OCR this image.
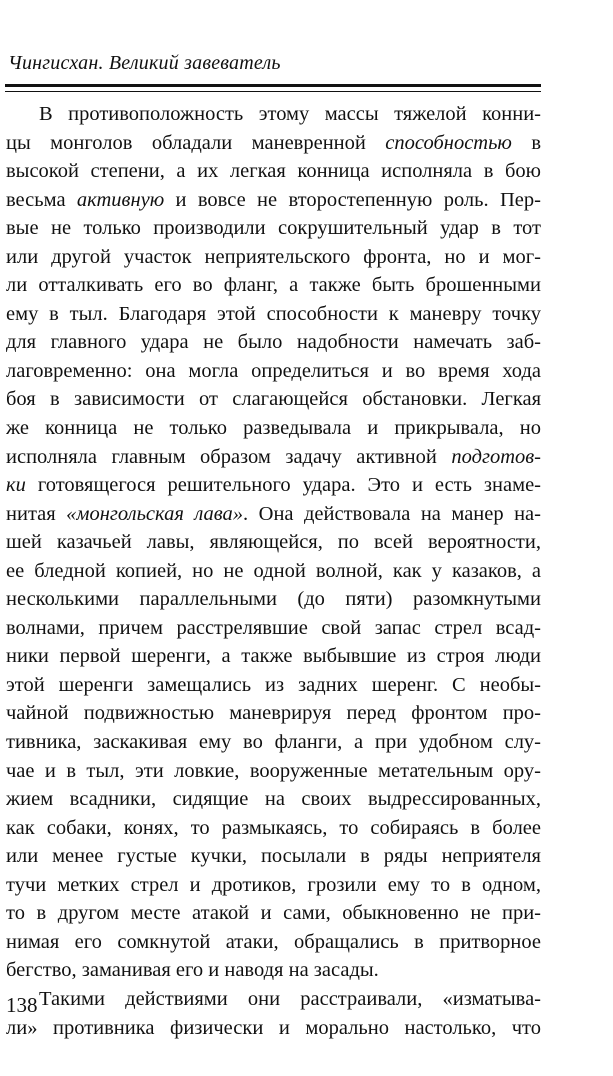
Чингисхан. Великий завеватель
В противоположность этому массы тяжелой конни-
цы монголов обладали маневренной способностью в
высокой степени, а их легкая конница исполняла в бою
весьма активную и вовсе не второстепенную роль. Пер-
вые не только производили сокрушительный удар в тот
или другой участок неприятельского фронта, но и мог-
ли отталкивать его во фланг, а также быть брошенными
ему в тыл. Благодаря этой способности к маневру точку
для главного удара не было надобности намечать заб-
лаговременно: она могла определиться и во время хода
боя в зависимости от слагающейся обстановки. Легкая
же конница не только разведывала и прикрывала, но
исполняла главным образом задачу активной подготов-
ки готовящегося решительного удара. Это и есть знаме-
нитая «монгольская лава». Она действовала на манер на-
шей казачьей лавы, являющейся, по всей вероятности,
ее бледной копией, но не одной волной, как у казаков, а
несколькими параллельными (до пяти) разомкнутыми
волнами, причем расстрелявшие свой запас стрел всад-
ники первой шеренги, а также выбывшие из строя люди
этой шеренги замещались из задних шеренг. С необы-
чайной подвижностью маневрируя перед фронтом про-
тивника, заскакивая ему во фланги, а при удобном слу-
чае и в тыл, эти ловкие, вооруженные метательным ору-
жием всадники, сидящие на своих выдрессированных,
как собаки, конях, то размыкаясь, то собираясь в более
или менее густые кучки, посылали в ряды неприятеля
тучи метких стрел и дротиков, грозили ему то в одном,
то в другом месте атакой и сами, обыкновенно не при-
нимая его сомкнутой атаки, обращались в притворное
бегство, заманивая его и наводя на засады.
Такими действиями они расстраивали, «изматыва-
ли» противника физически и морально настолько, что
138
